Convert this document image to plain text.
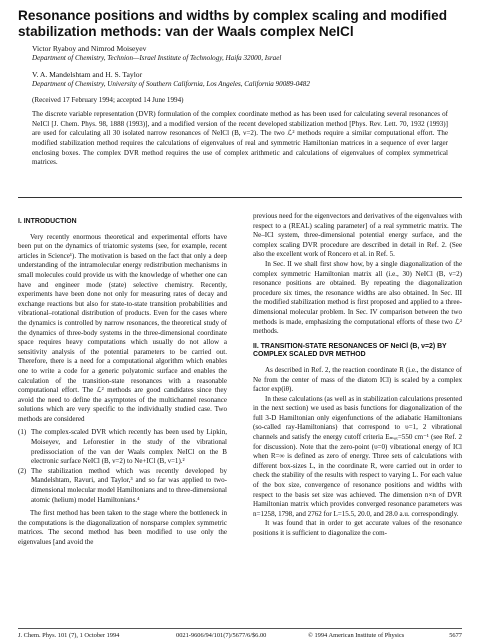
Resonance positions and widths by complex scaling and modified stabilization methods: van der Waals complex NeICl
Victor Ryaboy and Nimrod Moiseyev
Department of Chemistry, Technion—Israel Institute of Technology, Haifa 32000, Israel
V. A. Mandelshtam and H. S. Taylor
Department of Chemistry, University of Southern California, Los Angeles, California 90089-0482
(Received 17 February 1994; accepted 14 June 1994)

The discrete variable representation (DVR) formulation of the complex coordinate method as has been used for calculating several resonances of NeICl [J. Chem. Phys. 98, 1888 (1993)], and a modified version of the recent developed stabilization method [Phys. Rev. Lett. 70, 1932 (1993)] are used for calculating all 30 isolated narrow resonances of NeICl (B, ν=2). The two ℒ² methods require a similar computational effort. The modified stabilization method requires the calculations of eigenvalues of real and symmetric Hamiltonian matrices in a sequence of ever larger enclosing boxes. The complex DVR method requires the use of complex arithmetic and calculations of eigenvalues of complex symmetrical matrices.

I. INTRODUCTION

Very recently enormous theoretical and experimental efforts have been put on the dynamics of triatomic systems (see, for example, recent articles in Science¹). The motivation is based on the fact that only a deep understanding of the intramolecular energy redistribution mechanisms in small molecules could provide us with the knowledge of whether one can have and engineer mode (state) selective chemistry. Recently, experiments have been done not only for measuring rates of decay and exchange reactions but also for state-to-state transition probabilities and vibrational–rotational distribution of products. Even for the cases where the dynamics is controlled by narrow resonances, the theoretical study of the dynamics of three-body systems in the three-dimensional coordinate space requires heavy computations which usually do not allow a sensitivity analysis of the potential parameters to be carried out. Therefore, there is a need for a computational algorithm which enables one to write a code for a generic polyatomic surface and enables the calculation of the transition-state resonances with a reasonable computational effort. The ℒ² methods are good candidates since they avoid the need to define the asymptotes of the multichannel resonance solutions which are very specific to the individually studied case. Two methods are considered

(1) The complex-scaled DVR which recently has been used by Lipkin, Moiseyev, and Leforestier in the study of the vibrational predissociation of the van der Waals complex NeICl on the B electronic surface NeICl (B, ν=2) to Ne+ICl (B, ν=1).²
(2) The stabilization method which was recently developed by Mandelshtam, Ravuri, and Taylor,³ and so far was applied to two-dimensional molecular model Hamiltonians and to three-dimensional atomic (helium) model Hamiltonians.⁴

The first method has been taken to the stage where the bottleneck in the computations is the diagonalization of nonsparse complex symmetric matrices. The second method has been modified to use only the eigenvalues [and avoid the

previous need for the eigenvectors and derivatives of the eigenvalues with respect to a (REAL) scaling parameter] of a real symmetric matrix. The Ne–ICl system, three-dimensional potential energy surface, and the complex scaling DVR procedure are described in detail in Ref. 2. (See also the excellent work of Roncero et al. in Ref. 5.

In Sec. II we shall first show how, by a single diagonalization of the complex symmetric Hamiltonian matrix all (i.e., 30) NeICl (B, ν=2) resonance positions are obtained. By repeating the diagonalization procedure six times, the resonance widths are also obtained. In Sec. III the modified stabilization method is first proposed and applied to a three-dimensional molecular problem. In Sec. IV comparison between the two methods is made, emphasizing the computational efforts of these two ℒ² methods.

II. TRANSITION-STATE RESONANCES OF NeICl (B, ν=2) BY COMPLEX SCALED DVR METHOD

As described in Ref. 2, the reaction coordinate R (i.e., the distance of Ne from the center of mass of the diatom ICl) is scaled by a complex factor exp(iθ).

In these calculations (as well as in stabilization calculations presented in the next section) we used as basis functions for diagonalization of the full 3-D Hamiltonian only eigenfunctions of the adiabatic Hamiltonians (so-called ray-Hamiltonians) that correspond to υ=1, 2 vibrational channels and satisfy the energy cutoff criteria Eₘₐₓ=550 cm⁻¹ (see Ref. 2 for discussion). Note that the zero-point (υ=0) vibrational energy of ICl when R=∞ is defined as zero of energy. Three sets of calculations with different box-sizes L, in the coordinate R, were carried out in order to check the stability of the results with respect to varying L. For each value of the box size, convergence of resonance positions and widths with respect to the basis set size was achieved. The dimension n×n of DVR Hamiltonian matrix which provides converged resonance parameters was n=1258, 1798, and 2762 for L=15.5, 20.0, and 28.0 a.u. correspondingly.

It was found that in order to get accurate values of the resonance positions it is sufficient to diagonalize the com-

J. Chem. Phys. 101 (7), 1 October 1994	0021-9606/94/101(7)/5677/6/$6.00	© 1994 American Institute of Physics	5677
